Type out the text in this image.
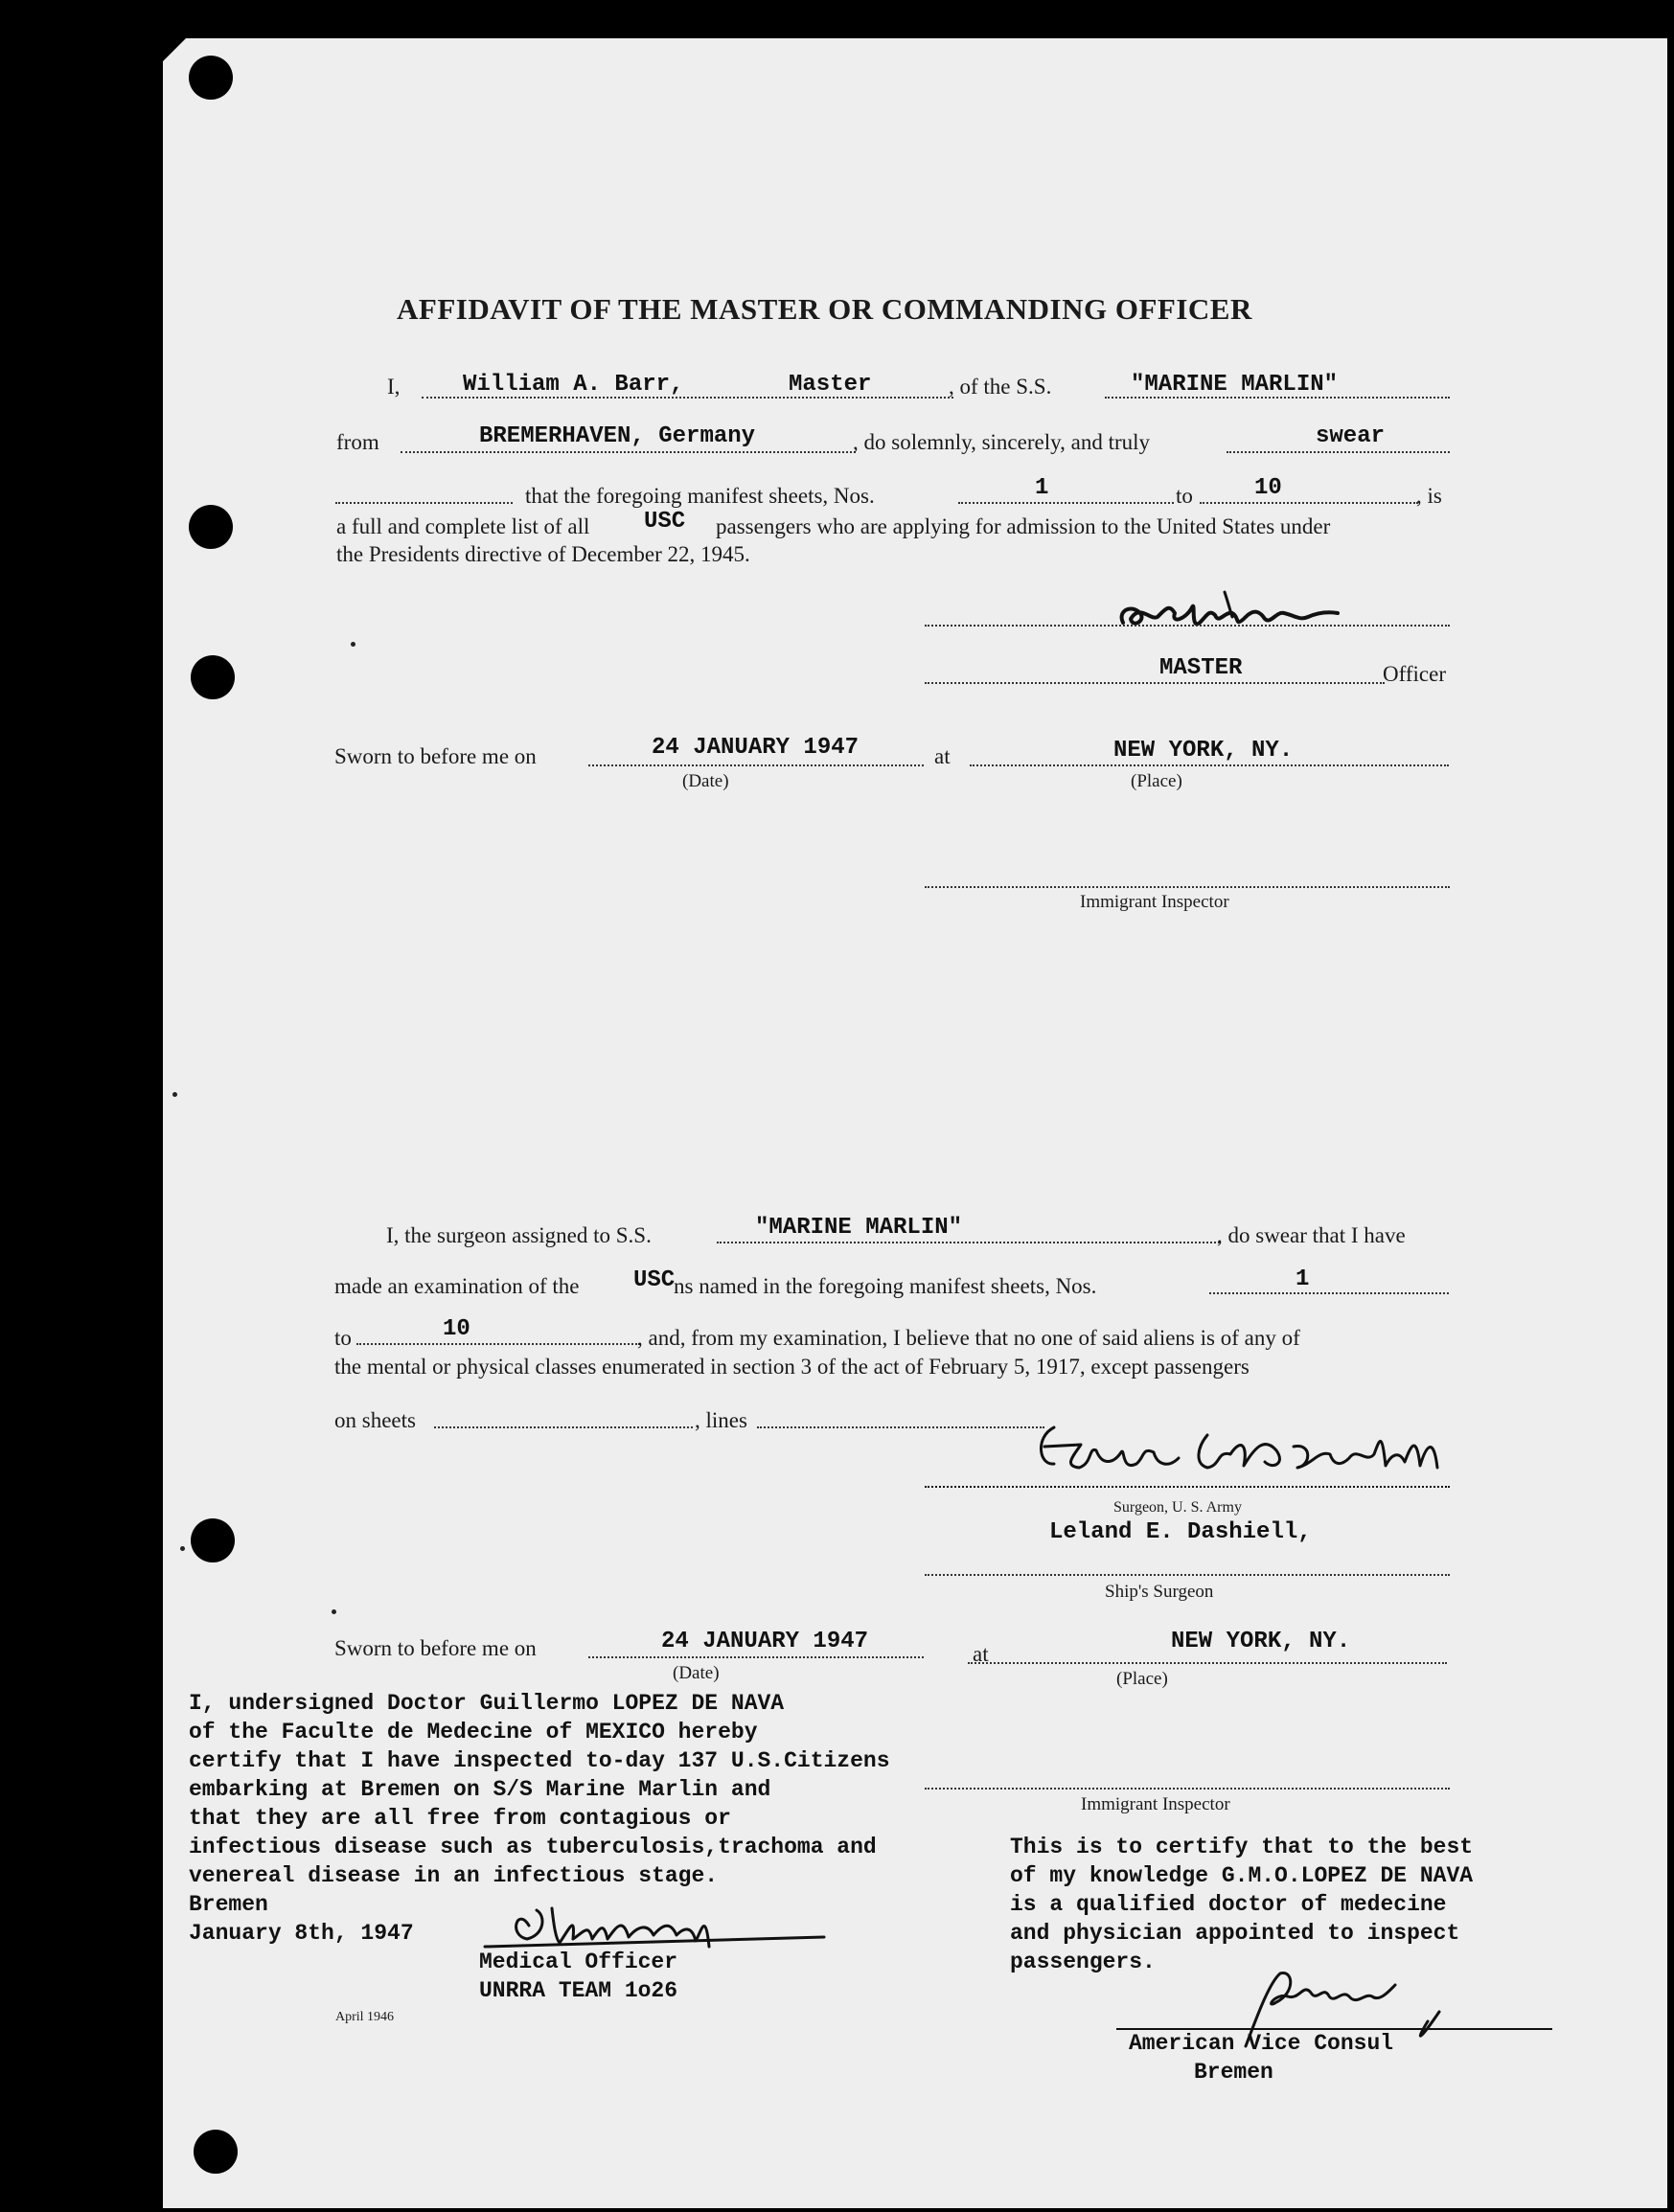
AFFIDAVIT OF THE MASTER OR COMMANDING OFFICER
I,	William A. Barr,	Master	, of the S.S.	"MARINE MARLIN"
from	BREMERHAVEN, Germany	, do solemnly, sincerely, and truly	swear
that the foregoing manifest sheets, Nos.	1	to	10	, is
a full and complete list of all USC passengers who are applying for admission to the United States under
the Presidents directive of December 22, 1945.
MASTER	Officer
Sworn to before me on	24 JANUARY 1947
(Date)
at	NEW YORK, NY.
(Place)
Immigrant Inspector
I, the surgeon assigned to S.S.	"MARINE MARLIN"	, do swear that I have
made an examination of the USC
ns named in the foregoing manifest sheets, Nos.	1
to	10	, and, from my examination, I believe that no one of said aliens is of any of
the mental or physical classes enumerated in section 3 of the act of February 5, 1917, except passengers
on sheets	, lines
Surgeon, U. S. Army
Leland E. Dashiell,
Ship's Surgeon
Sworn to before me on	24 JANUARY 1947
(Date)
at	NEW YORK, NY.
(Place)
Immigrant Inspector
I, undersigned Doctor Guillermo LOPEZ DE NAVA
of the Faculte de Medecine of MEXICO hereby
certify that I have inspected to-day 137 U.S.Citizens
embarking at Bremen on S/S Marine Marlin and
that they are all free from contagious or
infectious disease such as tuberculosis,trachoma and
venereal disease in an infectious stage.
Bremen
January 8th, 1947
Medical Officer
UNRRA TEAM 1o26
April 1946
This is to certify that to the best
of my knowledge G.M.O.LOPEZ DE NAVA
is a qualified doctor of medecine
and physician appointed to inspect
passengers.
American Vice Consul
Bremen
